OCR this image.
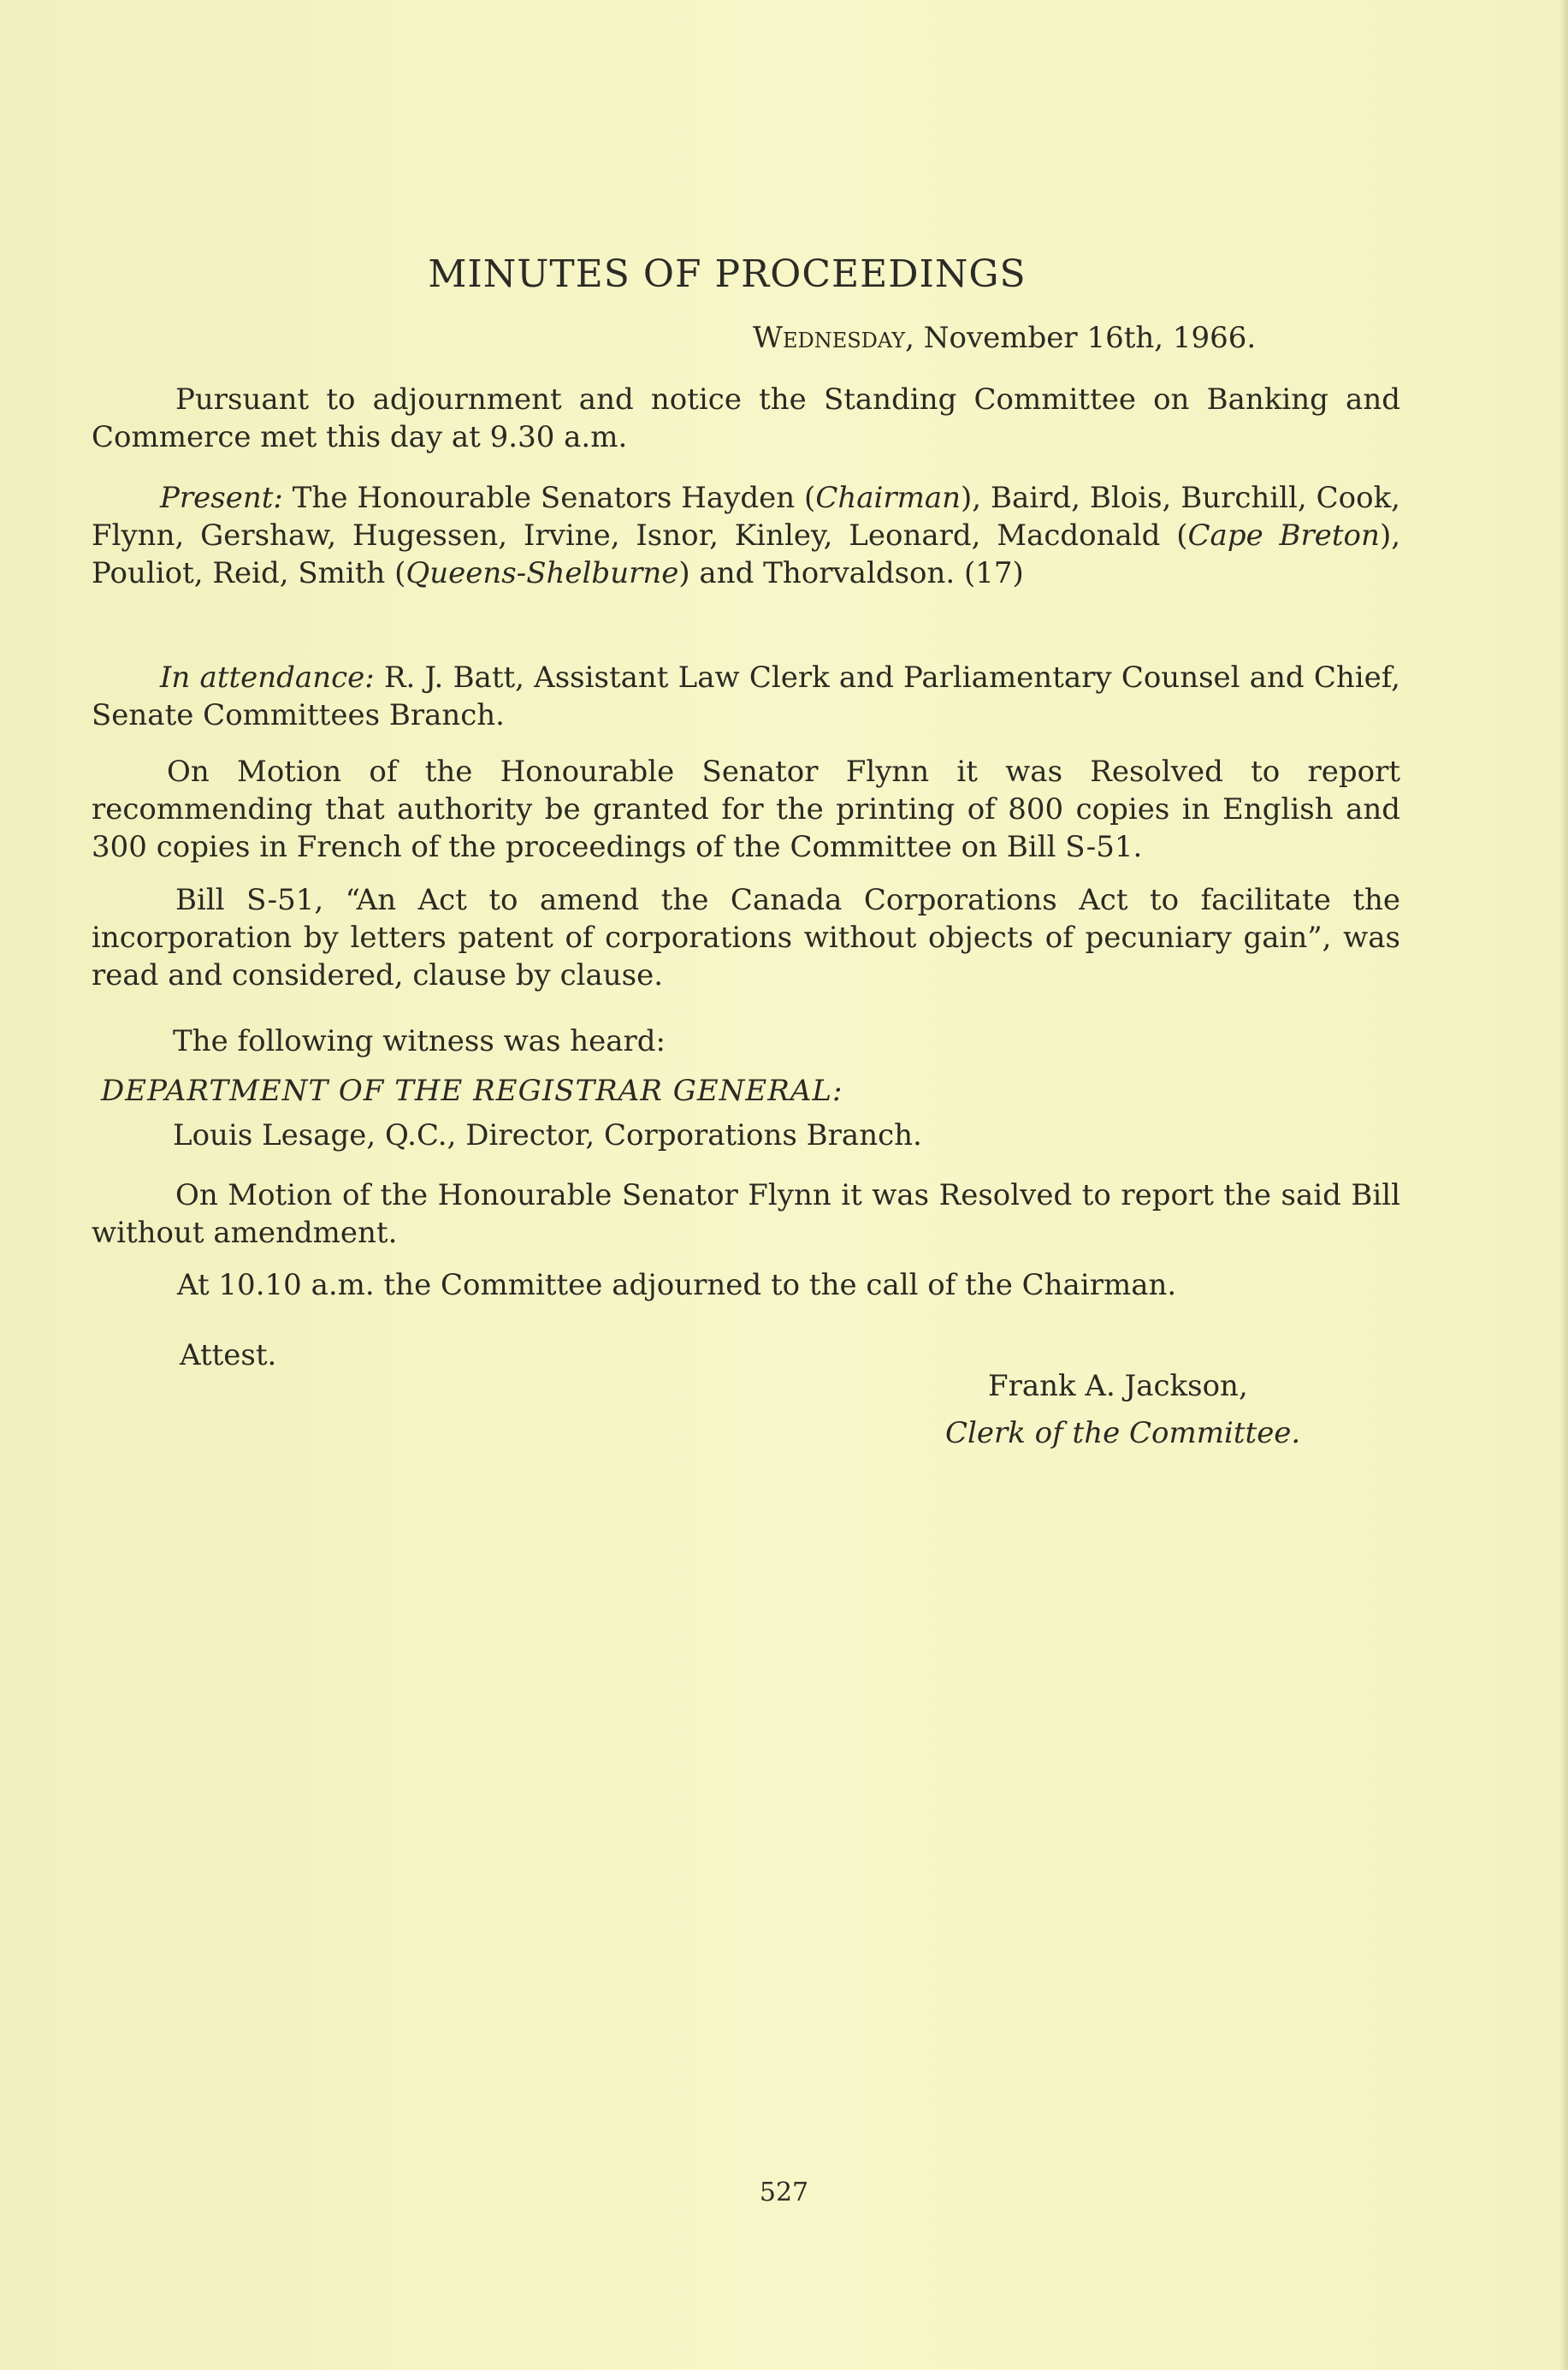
MINUTES OF PROCEEDINGS
Wednesday, November 16th, 1966.
Pursuant to adjournment and notice the Standing Committee on Banking and Commerce met this day at 9.30 a.m.
Present: The Honourable Senators Hayden (Chairman), Baird, Blois, Burchill, Cook, Flynn, Gershaw, Hugessen, Irvine, Isnor, Kinley, Leonard, Macdonald (Cape Breton), Pouliot, Reid, Smith (Queens-Shelburne) and Thorvaldson. (17)
In attendance: R. J. Batt, Assistant Law Clerk and Parliamentary Counsel and Chief, Senate Committees Branch.
On Motion of the Honourable Senator Flynn it was Resolved to report recommending that authority be granted for the printing of 800 copies in English and 300 copies in French of the proceedings of the Committee on Bill S-51.
Bill S-51, “An Act to amend the Canada Corporations Act to facilitate the incorporation by letters patent of corporations without objects of pecuniary gain”, was read and considered, clause by clause.
The following witness was heard:
DEPARTMENT OF THE REGISTRAR GENERAL:
Louis Lesage, Q.C., Director, Corporations Branch.
On Motion of the Honourable Senator Flynn it was Resolved to report the said Bill without amendment.
At 10.10 a.m. the Committee adjourned to the call of the Chairman.
Attest.
Frank A. Jackson,
Clerk of the Committee.
527
